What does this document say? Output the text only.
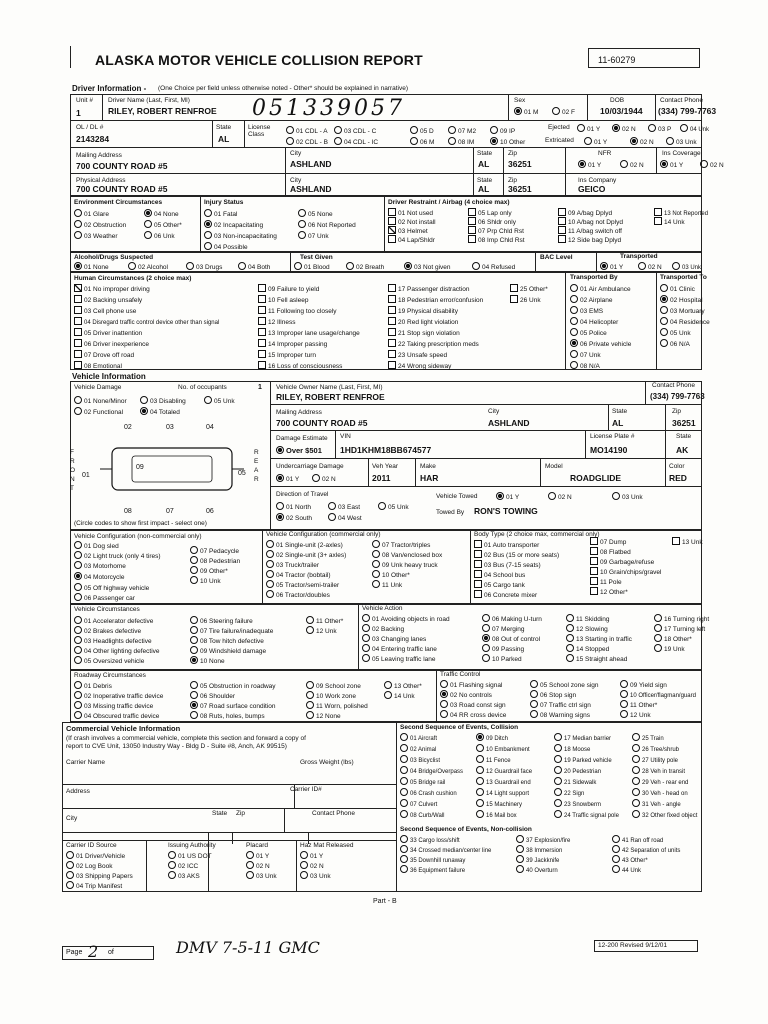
ALASKA MOTOR VEHICLE COLLISION REPORT	11-60279
Driver Information - (One Choice per field unless otherwise noted - Other* should be explained in narrative)
Unit #
1
Driver Name (Last, First, MI)
RILEY, ROBERT RENFROE 051339057	Sex
01 M	02 F
DOB
10/03/1944
Contact Phone
(334) 799-7763
OL / DL #
2143284
State
AL
License Class	01 CDL - A	03 CDL - C	05 D	07 M2	09 IP
02 CDL - B	04 CDL - IC	06 M	08 IM	10 Other
Ejected	01 Y	02 N	03 P	04 Unk
Extricated	01 Y	02 N	03 Unk
Mailing Address
700 COUNTY ROAD #5
City
ASHLAND
State
AL
Zip
36251
NFR
01 Y	02 N
Ins Coverage
01 Y	02 N
Physical Address
700 COUNTY ROAD #5
City
ASHLAND
State
AL
Zip
36251
Ins Company
GEICO
Environment Circumstances
01 Glare	04 None
02 Obstruction	05 Other*
03 Weather	06 Unk
Injury Status
01 Fatal
02 Incapacitating
03 Non-incapacitating
04 Possible
05 None
06 Not Reported
07 Unk
Driver Restraint / Airbag (4 choice max)
01 Not used
02 Not install
03 Helmet
04 Lap/Shldr
05 Lap only
06 Shldr only
07 Prp Chld Rst
08 Imp Chld Rst
09 A/bag Dplyd
10 A/bag not Dplyd
11 A/bag switch off
12 Side bag Dplyd
13 Not Reported
14 Unk
Alcohol/Drugs Suspected
01 None	02 Alcohol	03 Drugs	04 Both
Test Given
01 Blood	02 Breath	03 Not given	04 Refused
BAC Level	Transported
01 Y	02 N	03 Unk
Human Circumstances (2 choice max)	Transported By	Transported To
01 No improper driving
02 Backing unsafely
03 Cell phone use
04 Disregard traffic control device other than signal
05 Driver inattention
06 Driver inexperience
07 Drove off road
08 Emotional
09 Failure to yield
10 Fell asleep
11 Following too closely
12 Illness
13 Improper lane usage/change
14 Improper passing
15 Improper turn
16 Loss of consciousness
17 Passenger distraction
18 Pedestrian error/confusion
19 Physical disability
20 Red light violation
21 Stop sign violation
22 Taking prescription meds
23 Unsafe speed
24 Wrong sideway
25 Other*
26 Unk
01 Air Ambulance
02 Airplane
03 EMS
04 Helicopter
05 Police
06 Private vehicle
07 Unk
08 N/A
01 Clinic
02 Hospital
03 Mortuary
04 Residence
05 Unk
06 N/A
Vehicle Information
Vehicle Damage	No. of occupants	1
01 None/Minor	03 Disabling	05 Unk
02 Functional	04 Totaled
02	03	04
01
09
05
08	07	06
F R O N T
R E A R
(Circle codes to show first impact - select one)
Vehicle Owner Name (Last, First, MI)
RILEY, ROBERT RENFROE
Contact Phone
(334) 799-7763
Mailing Address
700 COUNTY ROAD #5
City
ASHLAND
State
AL
Zip
36251
Damage Estimate
Over $501
VIN
1HD1KHM18BB674577
License Plate #
MO14190
State
AK
Undercarriage Damage
01 Y	02 N
Veh Year
2011
Make
HAR
Model
ROADGLIDE
Color
RED
Direction of Travel
01 North	03 East	05 Unk
02 South	04 West
Vehicle Towed	01 Y	02 N	03 Unk
Towed By RON'S TOWING
Vehicle Configuration (non-commercial only)
01 Dog sled
02 Light truck (only 4 tires)
03 Motorhome
04 Motorcycle
05 Off highway vehicle
06 Passenger car
07 Pedacycle
08 Pedestrian
09 Other*
10 Unk
Vehicle Configuration (commercial only)
01 Single-unit (2-axles)
02 Single-unit (3+ axles)
03 Truck/trailer
04 Tractor (bobtail)
05 Tractor/semi-trailer
06 Tractor/doubles
07 Tractor/triples
08 Van/enclosed box
09 Unk heavy truck
10 Other*
11 Unk
Body Type (2 choice max, commercial only)
01 Auto transporter
02 Bus (15 or more seats)
03 Bus (7-15 seats)
04 School bus
05 Cargo tank
06 Concrete mixer
07 Dump
08 Flatbed
09 Garbage/refuse
10 Grain/chips/gravel
11 Pole
12 Other*
13 Unk
Vehicle Circumstances
01 Accelerator defective
02 Brakes defective
03 Headlights defective
04 Other lighting defective
05 Oversized vehicle
06 Steering failure
07 Tire failure/inadequate
08 Tow hitch defective
09 Windshield damage
10 None
11 Other*
12 Unk
Vehicle Action
01 Avoiding objects in road
02 Backing
03 Changing lanes
04 Entering traffic lane
05 Leaving traffic lane
06 Making U-turn
07 Merging
08 Out of control
09 Passing
10 Parked
11 Skidding
12 Slowing
13 Starting in traffic
14 Stopped
15 Straight ahead
16 Turning right
17 Turning left
18 Other*
19 Unk
Roadway Circumstances
01 Debris
02 Inoperative traffic device
03 Missing traffic device
04 Obscured traffic device
05 Obstruction in roadway
06 Shoulder
07 Road surface condition
08 Ruts, holes, bumps
09 School zone
10 Work zone
11 Worn, polished
12 None
13 Other*
14 Unk
Traffic Control
01 Flashing signal
02 No controls
03 Road const sign
04 RR cross device
05 School zone sign
06 Stop sign
07 Traffic ctrl sign
08 Warning signs
09 Yield sign
10 Officer/flagman/guard
11 Other*
12 Unk
Commercial Vehicle Information
(If crash involves a commercial vehicle, complete this section and forward a copy of
report to CVE Unit, 13050 Industry Way - Bldg D - Suite #8, Anch, AK 99515)
Carrier Name	Gross Weight (lbs)
Address	Carrier ID#
City
State Zip	Contact Phone
Carrier ID Source
01 Driver/Vehicle
02 Log Book
03 Shipping Papers
04 Trip Manifest
Issuing Authority
01 US DOT
02 ICC
03 AKS
Placard
01 Y
02 N
03 Unk
Haz Mat Released
01 Y
02 N
03 Unk
Second Sequence of Events, Collision
01 Aircraft
02 Animal
03 Bicyclist
04 Bridge/Overpass
05 Bridge rail
06 Crash cushion
07 Culvert
08 Curb/Wall
09 Ditch
10 Embankment
11 Fence
12 Guardrail face
13 Guardrail end
14 Light support
15 Machinery
16 Mail box
17 Median barrier
18 Moose
19 Parked vehicle
20 Pedestrian
21 Sidewalk
22 Sign
23 Snowberm
24 Traffic signal pole
25 Train
26 Tree/shrub
27 Utility pole
28 Veh in transit
29 Veh - rear end
30 Veh - head on
31 Veh - angle
32 Other fixed object
Second Sequence of Events, Non-collision
33 Cargo loss/shift
34 Crossed median/center line
35 Downhill runaway
36 Equipment failure
37 Explosion/fire
38 Immersion
39 Jackknife
40 Overturn
41 Ran off road
42 Separation of units
43 Other*
44 Unk
Part - B
Page 2 of	DMV 7-5-11 GMC	12-200 Revised 9/12/01
